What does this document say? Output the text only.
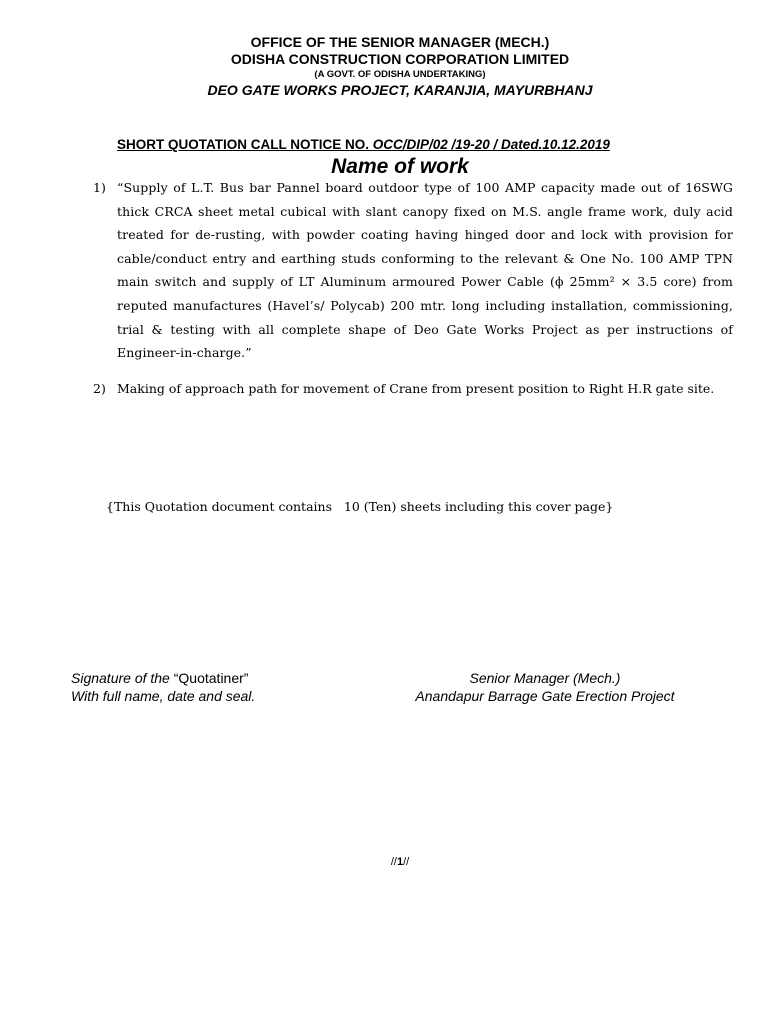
OFFICE OF THE SENIOR MANAGER (MECH.)
ODISHA CONSTRUCTION CORPORATION LIMITED
(A GOVT. OF ODISHA UNDERTAKING)
DEO GATE WORKS PROJECT, KARANJIA, MAYURBHANJ
SHORT QUOTATION CALL NOTICE NO. OCC/DIP/02 /19-20 / Dated.10.12.2019
Name of work
1) “Supply of L.T. Bus bar Pannel board outdoor type of 100 AMP capacity made out of 16SWG thick CRCA sheet metal cubical with slant canopy fixed on M.S. angle frame work, duly acid treated for de-rusting, with powder coating having hinged door and lock with provision for cable/conduct entry and earthing studs conforming to the relevant & One No. 100 AMP TPN main switch and supply of LT Aluminum armoured Power Cable (ϕ 25mm² × 3.5 core) from reputed manufactures (Havel’s/ Polycab) 200 mtr. long including installation, commissioning, trial & testing with all complete shape of Deo Gate Works Project as per instructions of Engineer-in-charge.”
2) Making of approach path for movement of Crane from present position to Right H.R gate site.
{This Quotation document contains   10 (Ten) sheets including this cover page}
Signature of the “Quotatiner”
With full name, date and seal.
Senior Manager (Mech.)
Anandapur Barrage Gate Erection Project
//1//
